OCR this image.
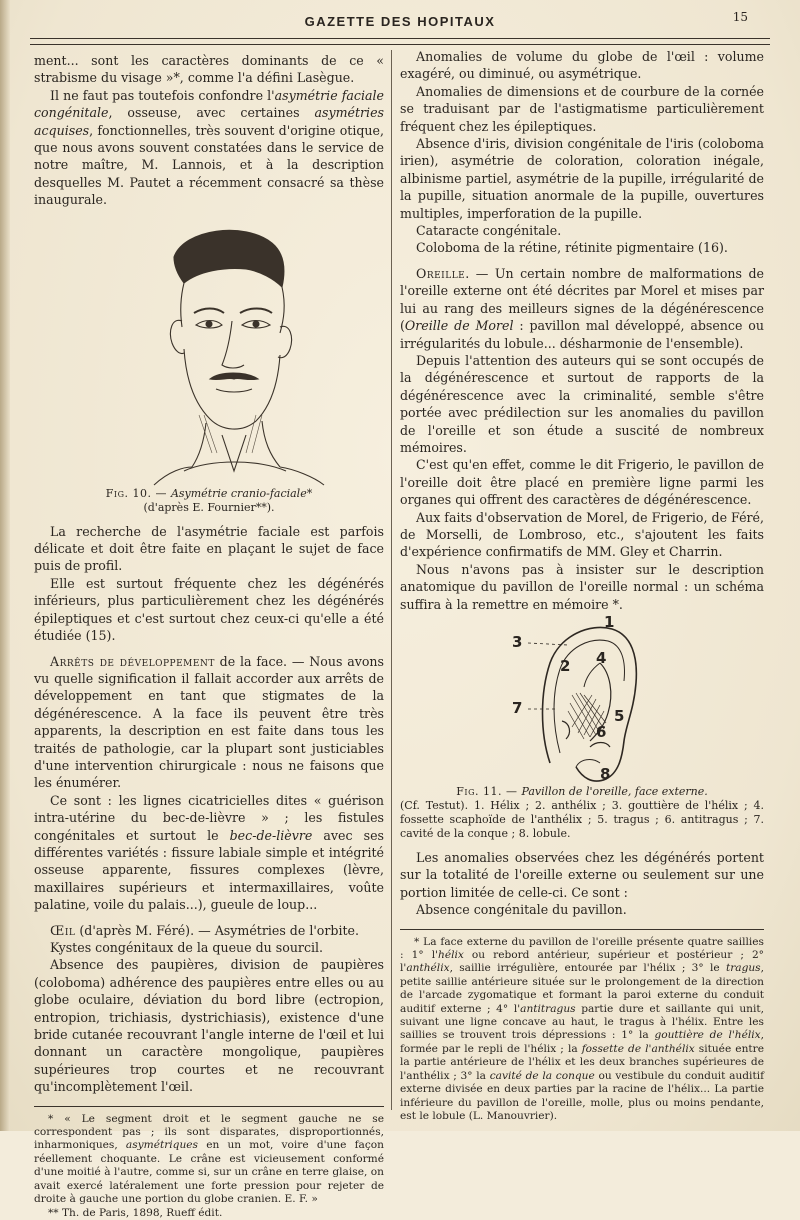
GAZETTE DES HOPITAUX	15

ment... sont les caractères dominants de ce « strabisme du visage »*, comme l'a défini Lasègue.

Il ne faut pas toutefois confondre l'asymétrie faciale congénitale, osseuse, avec certaines asymétries acquises, fonctionnelles, très souvent d'origine otique, que nous avons souvent constatées dans le service de notre maître, M. Lannois, et à la description desquelles M. Pautet a récemment consacré sa thèse inaugurale.

Fig. 10. — Asymétrie cranio-faciale*
(d'après E. Fournier**).

La recherche de l'asymétrie faciale est parfois délicate et doit être faite en plaçant le sujet de face puis de profil.

Elle est surtout fréquente chez les dégénérés inférieurs, plus particulièrement chez les dégénérés épileptiques et c'est surtout chez ceux-ci qu'elle a été étudiée (15).

Arrêts de développement de la face. — Nous avons vu quelle signification il fallait accorder aux arrêts de développement en tant que stigmates de la dégénérescence. A la face ils peuvent être très apparents, la description en est faite dans tous les traités de pathologie, car la plupart sont justiciables d'une intervention chirurgicale : nous ne faisons que les énumérer.

Ce sont : les lignes cicatricielles dites « guérison intra-utérine du bec-de-lièvre » ; les fistules congénitales et surtout le bec-de-lièvre avec ses différentes variétés : fissure labiale simple et intégrité osseuse apparente, fissures complexes (lèvre, maxillaires supérieurs et intermaxillaires, voûte palatine, voile du palais...), gueule de loup...

Œil (d'après M. Féré). — Asymétries de l'orbite.

Kystes congénitaux de la queue du sourcil.

Absence des paupières, division de paupières (coloboma) adhérence des paupières entre elles ou au globe oculaire, déviation du bord libre (ectropion, entropion, trichiasis, dystrichiasis), existence d'une bride cutanée recouvrant l'angle interne de l'œil et lui donnant un caractère mongolique, paupières supérieures trop courtes et ne recouvrant qu'incomplètement l'œil.

* « Le segment droit et le segment gauche ne se correspondent pas ; ils sont disparates, disproportionnés, inharmoniques, asymétriques en un mot, voire d'une façon réellement choquante. Le crâne est vicieusement conformé d'une moitié à l'autre, comme si, sur un crâne en terre glaise, on avait exercé latéralement une forte pression pour rejeter de droite à gauche une portion du globe cranien. E. F. »

** Th. de Paris, 1898, Rueff édit.

Anomalies de volume du globe de l'œil : volume exagéré, ou diminué, ou asymétrique.

Anomalies de dimensions et de courbure de la cornée se traduisant par de l'astigmatisme particulièrement fréquent chez les épileptiques.

Absence d'iris, division congénitale de l'iris (coloboma irien), asymétrie de coloration, coloration inégale, albinisme partiel, asymétrie de la pupille, irrégularité de la pupille, situation anormale de la pupille, ouvertures multiples, imperforation de la pupille.

Cataracte congénitale.

Coloboma de la rétine, rétinite pigmentaire (16).

Oreille. — Un certain nombre de malformations de l'oreille externe ont été décrites par Morel et mises par lui au rang des meilleurs signes de la dégénérescence (Oreille de Morel : pavillon mal développé, absence ou irrégularités du lobule... désharmonie de l'ensemble).

Depuis l'attention des auteurs qui se sont occupés de la dégénérescence et surtout de rapports de la dégénérescence avec la criminalité, semble s'être portée avec prédilection sur les anomalies du pavillon de l'oreille et son étude a suscité de nombreux mémoires.

C'est qu'en effet, comme le dit Frigerio, le pavillon de l'oreille doit être placé en première ligne parmi les organes qui offrent des caractères de dégénérescence.

Aux faits d'observation de Morel, de Frigerio, de Féré, de Morselli, de Lombroso, etc., s'ajoutent les faits d'expérience confirmatifs de MM. Gley et Charrin.

Nous n'avons pas à insister sur le description anatomique du pavillon de l'oreille normal : un schéma suffira à la remettre en mémoire *.

1
2
3
4
5
6
7
8
Fig. 11. — Pavillon de l'oreille, face externe.
(Cf. Testut). 1. Hélix ; 2. anthélix ; 3. gouttière de l'hélix ; 4. fossette scaphoïde de l'anthélix ; 5. tragus ; 6. antitragus ; 7. cavité de la conque ; 8. lobule.

Les anomalies observées chez les dégénérés portent sur la totalité de l'oreille externe ou seulement sur une portion limitée de celle-ci. Ce sont :

Absence congénitale du pavillon.

* La face externe du pavillon de l'oreille présente quatre saillies : 1° l'hélix ou rebord antérieur, supérieur et postérieur ; 2° l'anthélix, saillie irrégulière, entourée par l'hélix ; 3° le tragus, petite saillie antérieure située sur le prolongement de la direction de l'arcade zygomatique et formant la paroi externe du conduit auditif externe ; 4° l'antitragus partie dure et saillante qui unit, suivant une ligne concave au haut, le tragus à l'hélix. Entre les saillies se trouvent trois dépressions : 1° la gouttière de l'hélix, formée par le repli de l'hélix ; la fossette de l'anthélix située entre la partie antérieure de l'hélix et les deux branches supérieures de l'anthélix ; 3° la cavité de la conque ou vestibule du conduit auditif externe divisée en deux parties par la racine de l'hélix... La partie inférieure du pavillon de l'oreille, molle, plus ou moins pendante, est le lobule (L. Manouvrier).
